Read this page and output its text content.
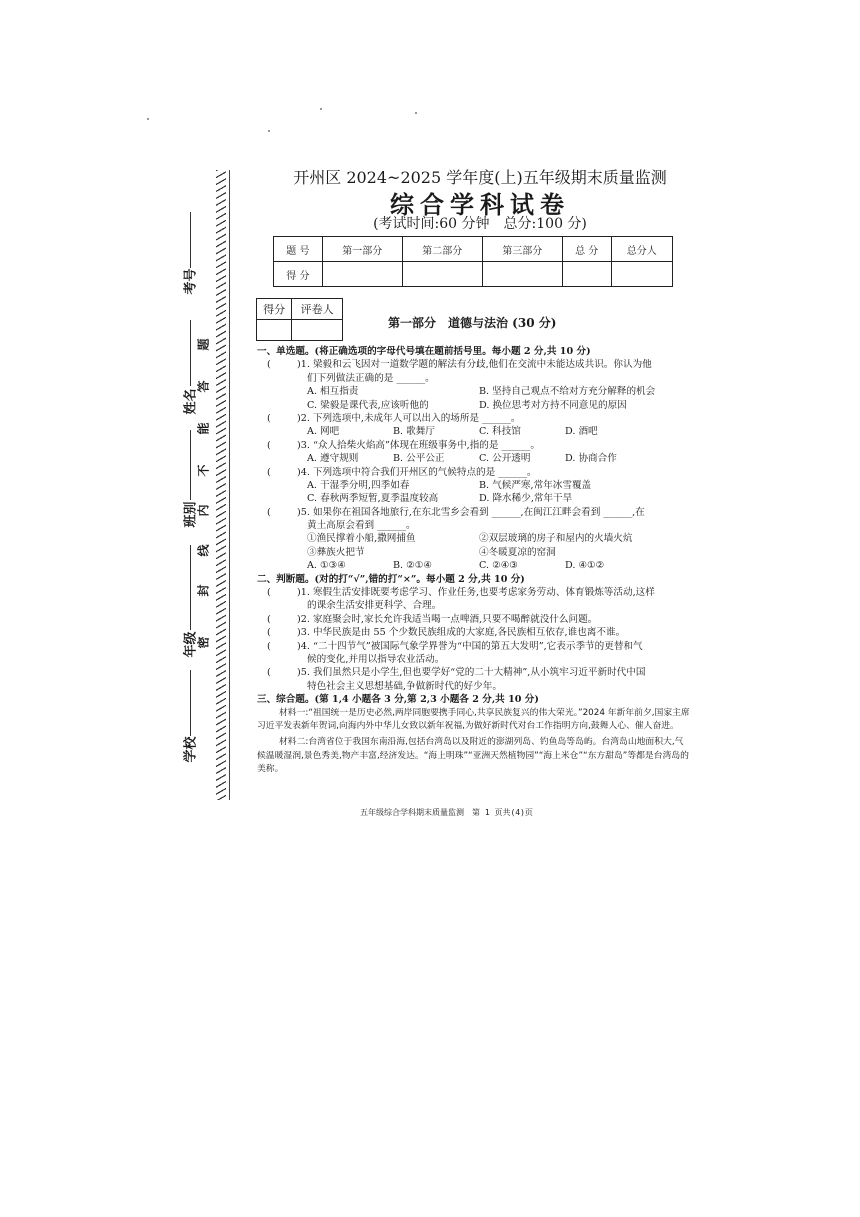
考号
姓名
班别
年级
学校
题
答
能
不
内
线
封
密
开州区 2024~2025 学年度(上)五年级期末质量监测
综合学科试卷
(考试时间:60 分钟　总分:100 分)
题 号	第一部分	第二部分	第三部分	总 分	总分人
得 分					
得分	评卷人

第一部分　道德与法治 (30 分)
一、单选题。(将正确选项的字母代号填在题前括号里。每小题 2 分,共 10 分)
(	)1. 梁毅和云飞因对一道数学题的解法有分歧,他们在交流中未能达成共识。你认为他
们下列做法正确的是 ______。
A. 相互指责	B. 坚持自己观点不给对方充分解释的机会
C. 梁毅是课代表,应该听他的	D. 换位思考对方持不同意见的原因
(	)2. 下列选项中,未成年人可以出入的场所是 ______。
A. 网吧	B. 歌舞厅	C. 科技馆	D. 酒吧
(	)3. “众人拾柴火焰高”体现在班级事务中,指的是 ______。
A. 遵守规则	B. 公平公正	C. 公开透明	D. 协商合作
(	)4. 下列选项中符合我们开州区的气候特点的是 ______。
A. 干湿季分明,四季如春	B. 气候严寒,常年冰雪覆盖
C. 春秋两季短暂,夏季温度较高	D. 降水稀少,常年干旱
(	)5. 如果你在祖国各地旅行,在东北雪乡会看到 ______,在闽江江畔会看到 ______,在
黄土高原会看到 ______。
①渔民撑着小船,撒网捕鱼	②双层玻璃的房子和屋内的火墙火炕
③彝族火把节	④冬暖夏凉的窑洞
A. ①③④	B. ②①④	C. ②④③	D. ④①②
二、判断题。(对的打“√”,错的打“×”。每小题 2 分,共 10 分)
(	)1. 寒假生活安排既要考虑学习、作业任务,也要考虑家务劳动、体育锻炼等活动,这样
的课余生活安排更科学、合理。
(	)2. 家庭聚会时,家长允许我适当喝一点啤酒,只要不喝醉就没什么问题。
(	)3. 中华民族是由 55 个少数民族组成的大家庭,各民族相互依存,谁也离不谁。
(	)4. “二十四节气”被国际气象学界誉为“中国的第五大发明”,它表示季节的更替和气
候的变化,并用以指导农业活动。
(	)5. 我们虽然只是小学生,但也要学好“党的二十大精神”,从小筑牢习近平新时代中国
特色社会主义思想基础,争做新时代的好少年。
三、综合题。(第 1,4 小题各 3 分,第 2,3 小题各 2 分,共 10 分)
材料一:“祖国统一是历史必然,两岸同胞要携手同心,共享民族复兴的伟大荣光。”2024 年新年前夕,国家主席习近平发表新年贺词,向海内外中华儿女致以新年祝福,为做好新时代对台工作指明方向,鼓舞人心、催人奋进。
材料二:台湾省位于我国东南沿海,包括台湾岛以及附近的澎湖列岛、钓鱼岛等岛屿。台湾岛山地面积大,气候温暖湿润,景色秀美,物产丰富,经济发达。“海上明珠”“亚洲天然植物园”“海上米仓”“东方甜岛”等都是台湾岛的美称。
五年级综合学科期末质量监测　第 1 页共(4)页
